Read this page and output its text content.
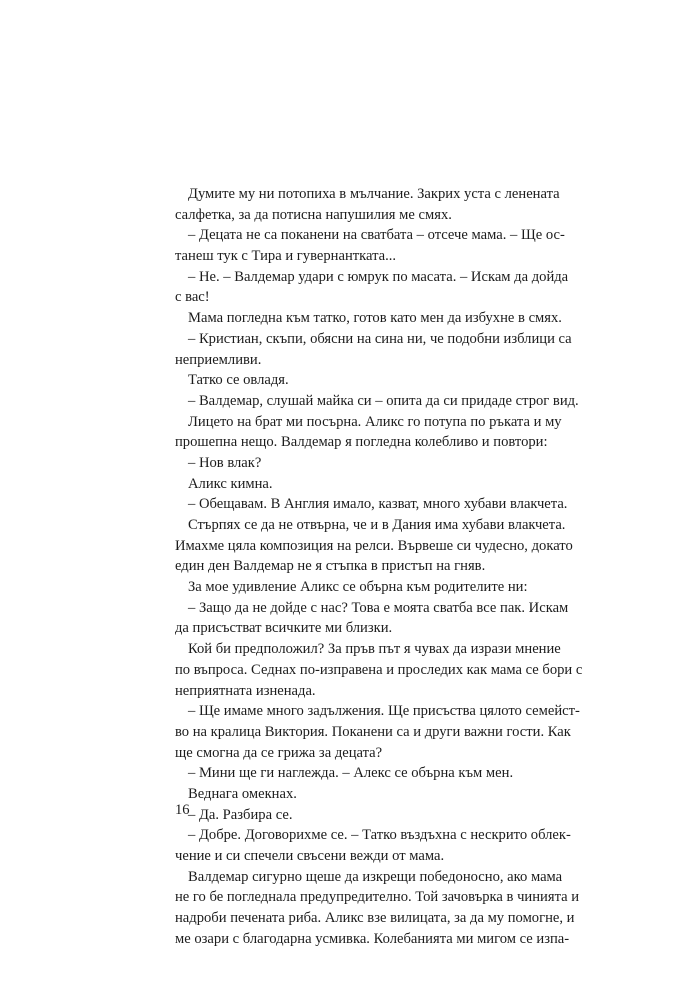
Думите му ни потопиха в мълчание. Закрих уста с ленената
салфетка, за да потисна напушилия ме смях.
– Децата не са поканени на сватбата – отсече мама. – Ще ос-
танеш тук с Тира и гувернантката...
– Не. – Валдемар удари с юмрук по масата. – Искам да дойда
с вас!
Мама погледна към татко, готов като мен да избухне в смях.
– Кристиан, скъпи, обясни на сина ни, че подобни изблици са
неприемливи.
Татко се овладя.
– Валдемар, слушай майка си – опита да си придаде строг вид.
Лицето на брат ми посърна. Аликс го потупа по ръката и му
прошепна нещо. Валдемар я погледна колебливо и повтори:
– Нов влак?
Аликс кимна.
– Обещавам. В Англия имало, казват, много хубави влакчета.
Стърпях се да не отвърна, че и в Дания има хубави влакчета.
Имахме цяла композиция на релси. Вървеше си чудесно, докато
един ден Валдемар не я стъпка в пристъп на гняв.
За мое удивление Аликс се обърна към родителите ни:
– Защо да не дойде с нас? Това е моята сватба все пак. Искам
да присъстват всичките ми близки.
Кой би предположил? За пръв път я чувах да изрази мнение
по въпроса. Седнах по-изправена и проследих как мама се бори с
неприятната изненада.
– Ще имаме много задължения. Ще присъства цялото семейст-
во на кралица Виктория. Поканени са и други важни гости. Как
ще смогна да се грижа за децата?
– Мини ще ги наглежда. – Алекс се обърна към мен.
Веднага омекнах.
– Да. Разбира се.
– Добре. Договорихме се. – Татко въздъхна с нескрито облек-
чение и си спечели свъсени вежди от мама.
Валдемар сигурно щеше да изкрещи победоносно, ако мама
не го бе погледнала предупредително. Той зачовърка в чинията и
надроби печената риба. Аликс взе вилицата, за да му помогне, и
ме озари с благодарна усмивка. Колебанията ми мигом се изпа-
16
